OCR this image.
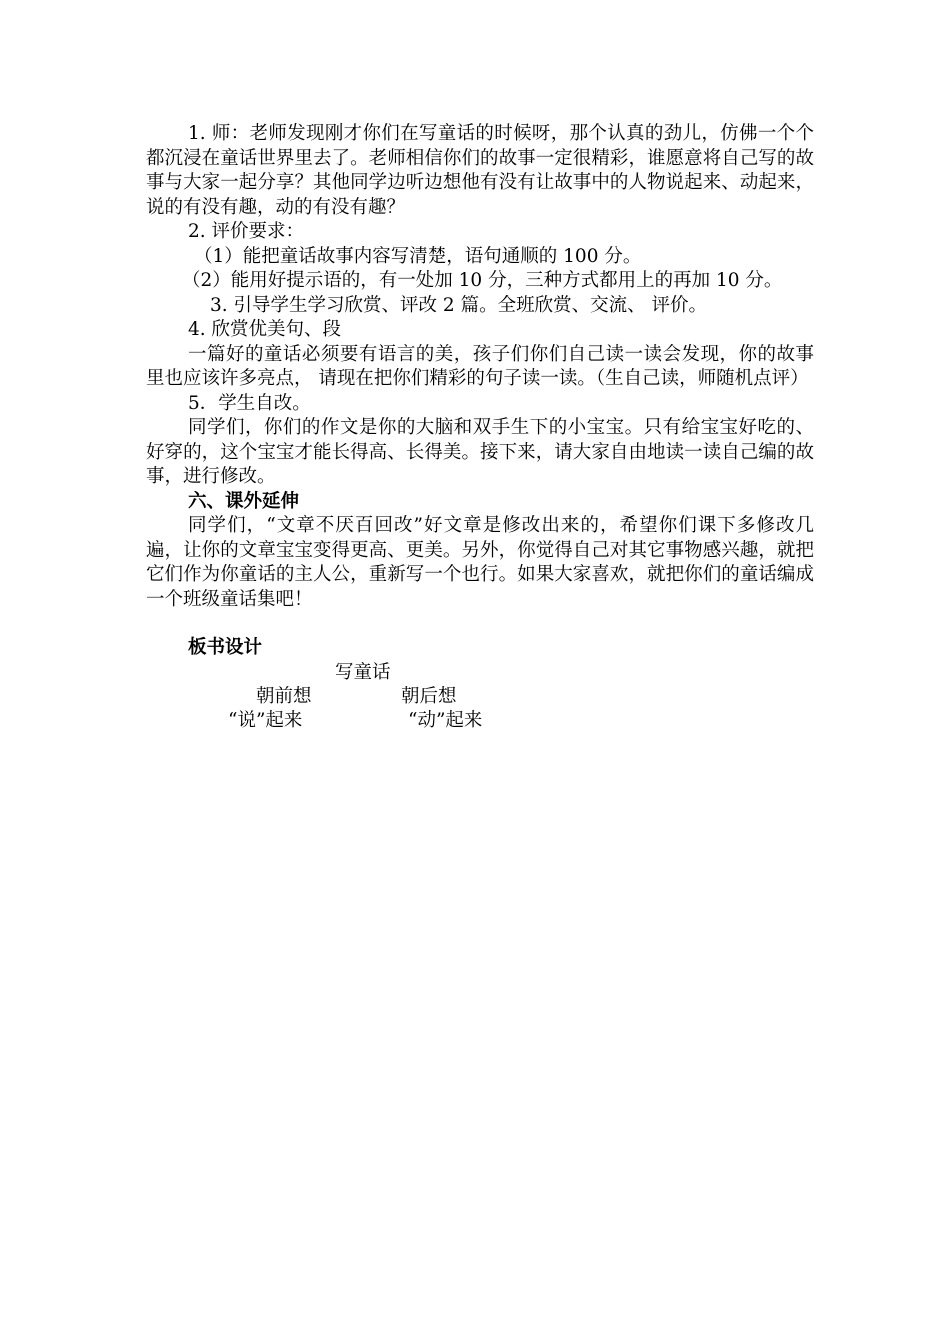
1. 师：老师发现刚才你们在写童话的时候呀，那个认真的劲儿，仿佛一个个都沉浸在童话世界里去了。老师相信你们的故事一定很精彩，谁愿意将自己写的故事与大家一起分享？其他同学边听边想他有没有让故事中的人物说起来、动起来，说的有没有趣，动的有没有趣？

2. 评价要求：

（1）能把童话故事内容写清楚，语句通顺的 100 分。

（2）能用好提示语的，有一处加 10 分，三种方式都用上的再加 10 分。

3. 引导学生学习欣赏、评改 2 篇。全班欣赏、交流、 评价。

4. 欣赏优美句、段

一篇好的童话必须要有语言的美，孩子们你们自己读一读会发现，你的故事里也应该许多亮点， 请现在把你们精彩的句子读一读。（生自己读，师随机点评）

5．学生自改。

同学们，你们的作文是你的大脑和双手生下的小宝宝。只有给宝宝好吃的、好穿的，这个宝宝才能长得高、长得美。接下来，请大家自由地读一读自己编的故事，进行修改。

六、课外延伸

同学们，“文章不厌百回改”好文章是修改出来的，希望你们课下多修改几遍，让你的文章宝宝变得更高、更美。另外，你觉得自己对其它事物感兴趣，就把它们作为你童话的主人公，重新写一个也行。如果大家喜欢，就把你们的童话编成一个班级童话集吧！

板书设计

写童话
朝前想	朝后想
“说”起来	“动”起来
